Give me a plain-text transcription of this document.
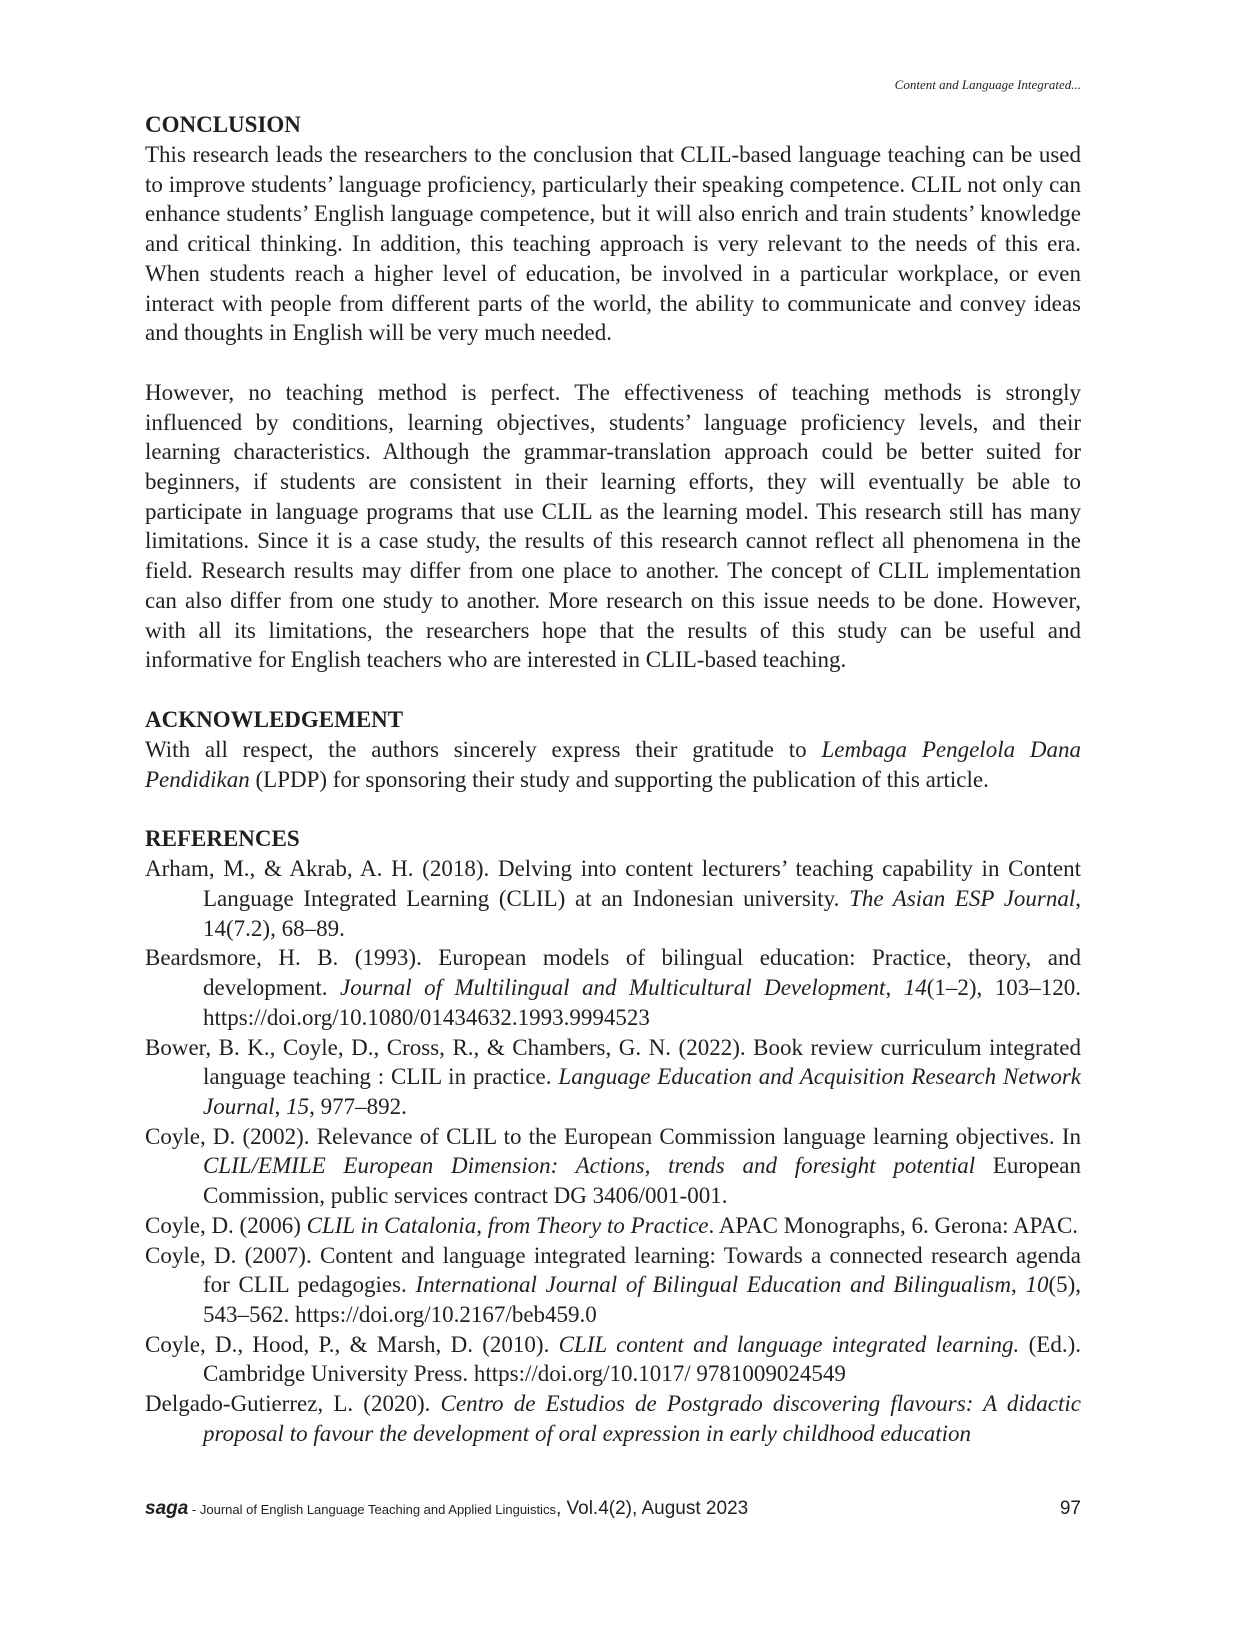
Content and Language Integrated...
CONCLUSION

This research leads the researchers to the conclusion that CLIL-based language teaching can be used to improve students’ language proficiency, particularly their speaking competence. CLIL not only can enhance students’ English language competence, but it will also enrich and train students’ knowledge and critical thinking. In addition, this teaching approach is very relevant to the needs of this era. When students reach a higher level of education, be involved in a particular workplace, or even interact with people from different parts of the world, the ability to communicate and convey ideas and thoughts in English will be very much needed.

However, no teaching method is perfect. The effectiveness of teaching methods is strongly influenced by conditions, learning objectives, students’ language proficiency levels, and their learning characteristics. Although the grammar-translation approach could be better suited for beginners, if students are consistent in their learning efforts, they will eventually be able to participate in language programs that use CLIL as the learning model. This research still has many limitations. Since it is a case study, the results of this research cannot reflect all phenomena in the field. Research results may differ from one place to another. The concept of CLIL implementation can also differ from one study to another. More research on this issue needs to be done. However, with all its limitations, the researchers hope that the results of this study can be useful and informative for English teachers who are interested in CLIL-based teaching.

ACKNOWLEDGEMENT

With all respect, the authors sincerely express their gratitude to Lembaga Pengelola Dana Pendidikan (LPDP) for sponsoring their study and supporting the publication of this article.

REFERENCES
Arham, M., & Akrab, A. H. (2018). Delving into content lecturers’ teaching capability in Content Language Integrated Learning (CLIL) at an Indonesian university. The Asian ESP Journal, 14(7.2), 68–89.
Beardsmore, H. B. (1993). European models of bilingual education: Practice, theory, and development. Journal of Multilingual and Multicultural Development, 14(1–2), 103–120. https://doi.org/10.1080/01434632.1993.9994523
Bower, B. K., Coyle, D., Cross, R., & Chambers, G. N. (2022). Book review curriculum integrated language teaching : CLIL in practice. Language Education and Acquisition Research Network Journal, 15, 977–892.
Coyle, D. (2002). Relevance of CLIL to the European Commission language learning objectives. In CLIL/EMILE European Dimension: Actions, trends and foresight potential European Commission, public services contract DG 3406/001-001.
Coyle, D. (2006) CLIL in Catalonia, from Theory to Practice. APAC Monographs, 6. Gerona: APAC.
Coyle, D. (2007). Content and language integrated learning: Towards a connected research agenda for CLIL pedagogies. International Journal of Bilingual Education and Bilingualism, 10(5), 543–562. https://doi.org/10.2167/beb459.0
Coyle, D., Hood, P., & Marsh, D. (2010). CLIL content and language integrated learning. (Ed.). Cambridge University Press. https://doi.org/10.1017/ 9781009024549
Delgado-Gutierrez, L. (2020). Centro de Estudios de Postgrado discovering flavours: A didactic proposal to favour the development of oral expression in early childhood education
saga - Journal of English Language Teaching and Applied Linguistics, Vol.4(2), August 2023	97
